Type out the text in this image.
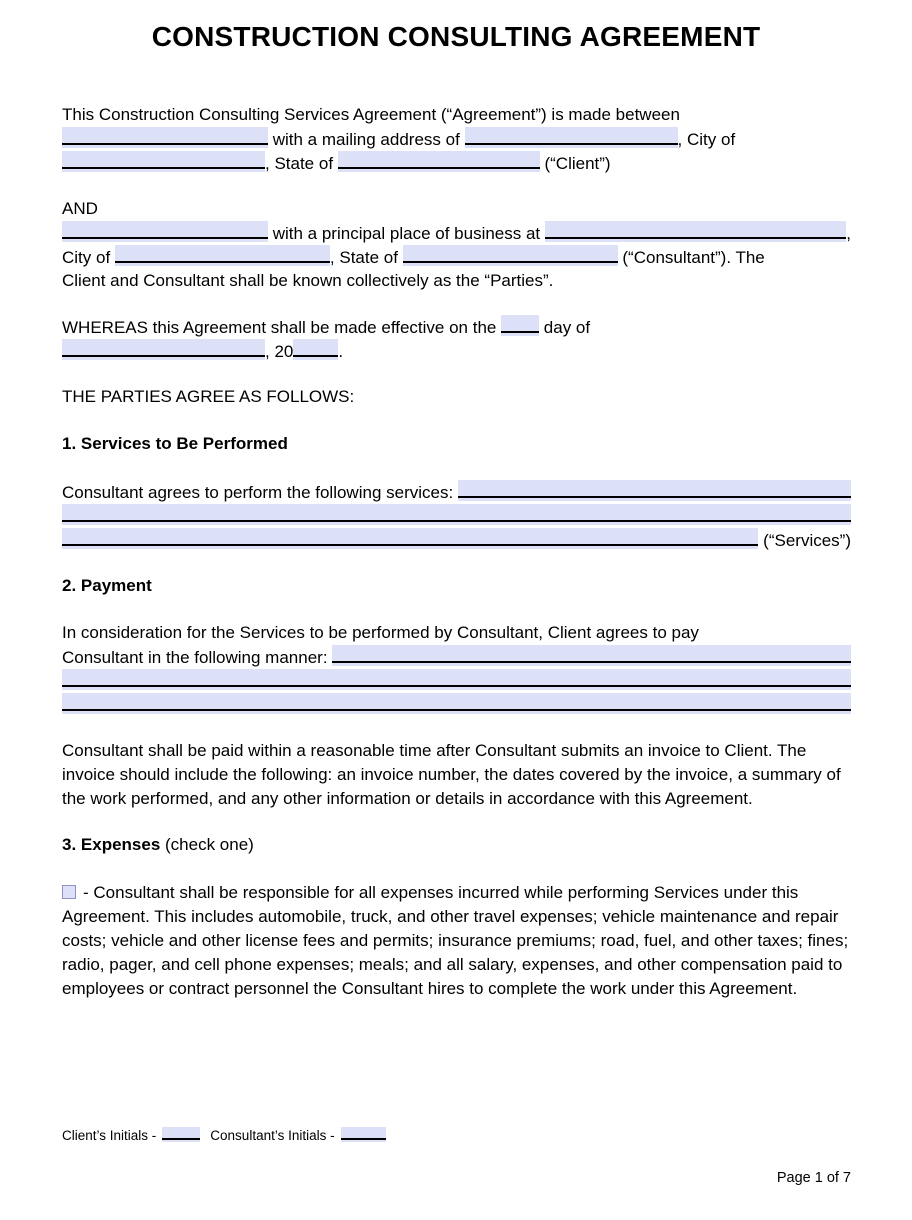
CONSTRUCTION CONSULTING AGREEMENT
This Construction Consulting Services Agreement (“Agreement”) is made between
with a mailing address of	, City of
, State of	(“Client”)
AND
with a principal place of business at	,
City of	, State of	(“Consultant”). The
Client and Consultant shall be known collectively as the “Parties”.
WHEREAS this Agreement shall be made effective on the day of
, 20	.
THE PARTIES AGREE AS FOLLOWS:
1. Services to Be Performed
Consultant agrees to perform the following services:
(“Services”)
2. Payment
In consideration for the Services to be performed by Consultant, Client agrees to pay
Consultant in the following manner:

Consultant shall be paid within a reasonable time after Consultant submits an invoice to Client. The invoice should include the following: an invoice number, the dates covered by the invoice, a summary of the work performed, and any other information or details in accordance with this Agreement.

3. Expenses (check one)

- Consultant shall be responsible for all expenses incurred while performing Services under this Agreement. This includes automobile, truck, and other travel expenses; vehicle maintenance and repair costs; vehicle and other license fees and permits; insurance premiums; road, fuel, and other taxes; fines; radio, pager, and cell phone expenses; meals; and all salary, expenses, and other compensation paid to employees or contract personnel the Consultant hires to complete the work under this Agreement.

Client’s Initials -	Consultant’s Initials -
Page 1 of 7
